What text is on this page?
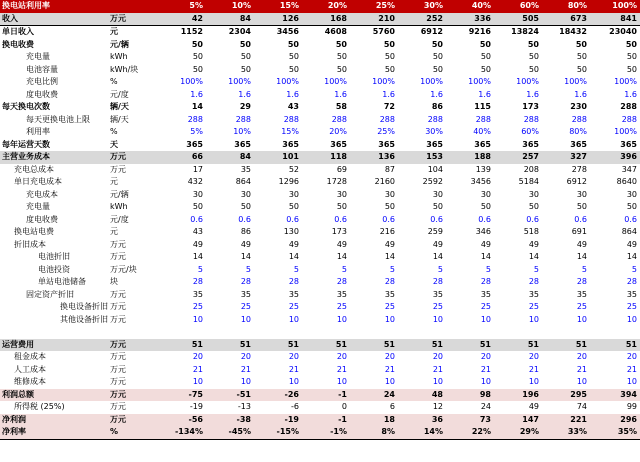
换电站利用率		5%	10%	15%	20%	25%	30%	40%	60%	80%	100%
收入	万元	42	84	126	168	210	252	336	505	673	841
单日收入	元	1152	2304	3456	4608	5760	6912	9216	13824	18432	23040
换电收费	元/辆	50	50	50	50	50	50	50	50	50	50
充电量	kWh	50	50	50	50	50	50	50	50	50	50
电池容量	kWh/块	50	50	50	50	50	50	50	50	50	50
充电比例	%	100%	100%	100%	100%	100%	100%	100%	100%	100%	100%
度电收费	元/度	1.6	1.6	1.6	1.6	1.6	1.6	1.6	1.6	1.6	1.6
每天换电次数	辆/天	14	29	43	58	72	86	115	173	230	288
每天更换电池上限	辆/天	288	288	288	288	288	288	288	288	288	288
利用率	%	5%	10%	15%	20%	25%	30%	40%	60%	80%	100%
每年运营天数	天	365	365	365	365	365	365	365	365	365	365
主营业务成本	万元	66	84	101	118	136	153	188	257	327	396
充电总成本	万元	17	35	52	69	87	104	139	208	278	347
单日充电成本	元	432	864	1296	1728	2160	2592	3456	5184	6912	8640
充电成本	元/辆	30	30	30	30	30	30	30	30	30	30
充电量	kWh	50	50	50	50	50	50	50	50	50	50
度电收费	元/度	0.6	0.6	0.6	0.6	0.6	0.6	0.6	0.6	0.6	0.6
换电站电费	元	43	86	130	173	216	259	346	518	691	864
折旧成本	万元	49	49	49	49	49	49	49	49	49	49
电池折旧	万元	14	14	14	14	14	14	14	14	14	14
电池投资	万元/块	5	5	5	5	5	5	5	5	5	5
单站电池储备	块	28	28	28	28	28	28	28	28	28	28
固定资产折旧	万元	35	35	35	35	35	35	35	35	35	35
换电设备折旧	万元	25	25	25	25	25	25	25	25	25	25
其他设备折旧	万元	10	10	10	10	10	10	10	10	10	10

运营费用	万元	51	51	51	51	51	51	51	51	51	51
租金成本	万元	20	20	20	20	20	20	20	20	20	20
人工成本	万元	21	21	21	21	21	21	21	21	21	21
维修成本	万元	10	10	10	10	10	10	10	10	10	10
利润总额	万元	-75	-51	-26	-1	24	48	98	196	295	394
所得税 (25%)	万元	-19	-13	-6	0	6	12	24	49	74	99
净利润	万元	-56	-38	-19	-1	18	36	73	147	221	296
净利率	%	-134%	-45%	-15%	-1%	8%	14%	22%	29%	33%	35%
